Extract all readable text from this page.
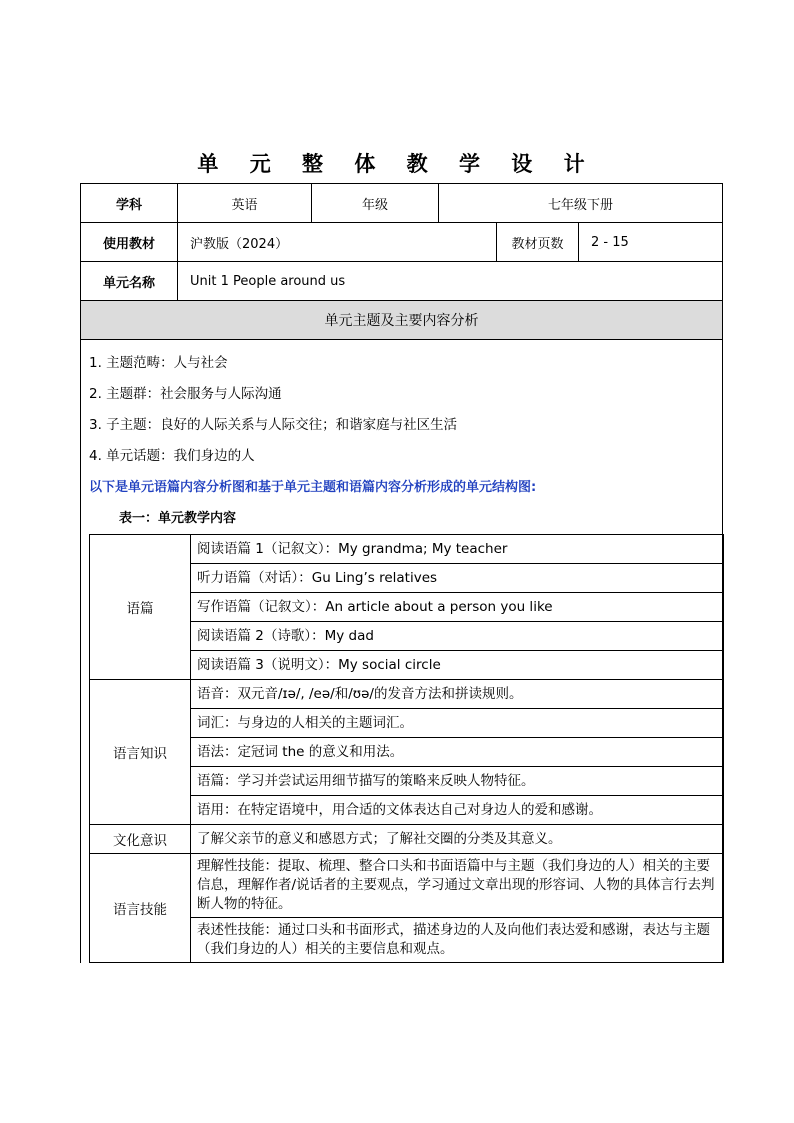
单 元 整 体 教 学 设 计
学科	英语	年级	七年级下册
使用教材	沪教版（2024）	教材页数	2 - 15
单元名称	Unit 1 People around us
单元主题及主要内容分析

1. 主题范畴：人与社会
2. 主题群：社会服务与人际沟通
3. 子主题：良好的人际关系与人际交往；和谐家庭与社区生活
4. 单元话题：我们身边的人
以下是单元语篇内容分析图和基于单元主题和语篇内容分析形成的单元结构图:
表一：单元教学内容
语篇	阅读语篇 1（记叙文）：My grandma; My teacher
听力语篇（对话）：Gu Ling’s relatives
写作语篇（记叙文）：An article about a person you like
阅读语篇 2（诗歌）：My dad
阅读语篇 3（说明文）：My social circle
语言知识	语音：双元音/ɪə/, /eə/和/ʊə/的发音方法和拼读规则。
词汇：与身边的人相关的主题词汇。
语法：定冠词 the 的意义和用法。
语篇：学习并尝试运用细节描写的策略来反映人物特征。
语用：在特定语境中，用合适的文体表达自己对身边人的爱和感谢。
文化意识	了解父亲节的意义和感恩方式；了解社交圈的分类及其意义。
语言技能	理解性技能：提取、梳理、整合口头和书面语篇中与主题（我们身边的人）相关的主要信息，理解作者/说话者的主要观点，学习通过文章出现的形容词、人物的具体言行去判断人物的特征。
表述性技能：通过口头和书面形式，描述身边的人及向他们表达爱和感谢，表达与主题（我们身边的人）相关的主要信息和观点。
